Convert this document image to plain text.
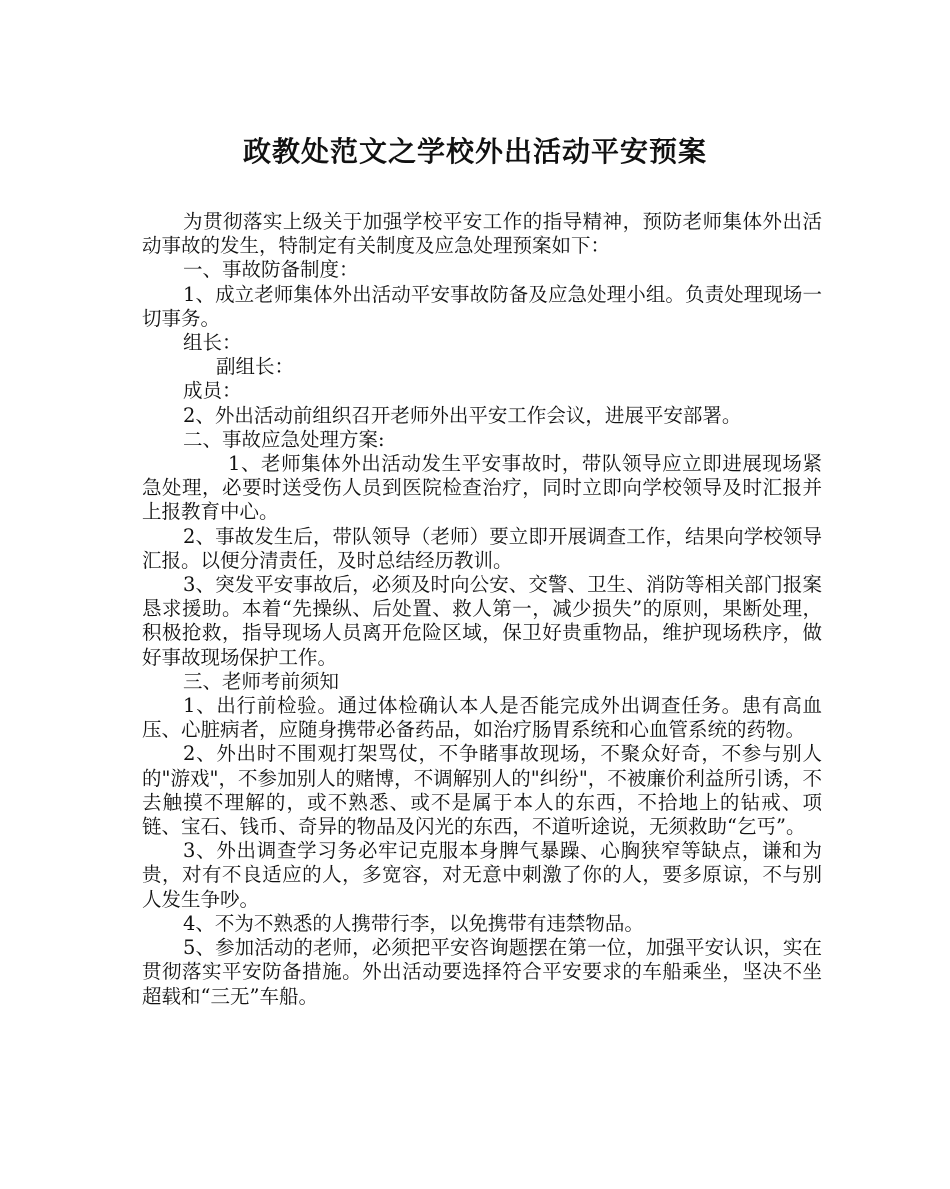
政教处范文之学校外出活动平安预案

为贯彻落实上级关于加强学校平安工作的指导精神，预防老师集体外出活动事故的发生，特制定有关制度及应急处理预案如下：

一、事故防备制度：

1、成立老师集体外出活动平安事故防备及应急处理小组。负责处理现场一切事务。

组长：

副组长：

成员：

2、外出活动前组织召开老师外出平安工作会议，进展平安部署。

二、事故应急处理方案:

1、老师集体外出活动发生平安事故时，带队领导应立即进展现场紧急处理，必要时送受伤人员到医院检查治疗，同时立即向学校领导及时汇报并上报教育中心。

2、事故发生后，带队领导（老师）要立即开展调查工作，结果向学校领导汇报。以便分清责任，及时总结经历教训。

3、突发平安事故后，必须及时向公安、交警、卫生、消防等相关部门报案恳求援助。本着“先操纵、后处置、救人第一，减少损失”的原则，果断处理，积极抢救，指导现场人员离开危险区域，保卫好贵重物品，维护现场秩序，做好事故现场保护工作。

三、老师考前须知

1、出行前检验。通过体检确认本人是否能完成外出调查任务。患有高血压、心脏病者，应随身携带必备药品，如治疗肠胃系统和心血管系统的药物。

2、外出时不围观打架骂仗，不争睹事故现场，不聚众好奇，不参与别人的"游戏"，不参加别人的赌博，不调解别人的"纠纷"，不被廉价利益所引诱，不去触摸不理解的，或不熟悉、或不是属于本人的东西，不拾地上的钻戒、项链、宝石、钱币、奇异的物品及闪光的东西，不道听途说，无须救助“乞丐”。

3、外出调查学习务必牢记克服本身脾气暴躁、心胸狭窄等缺点，谦和为贵，对有不良适应的人，多宽容，对无意中刺激了你的人，要多原谅，不与别人发生争吵。

4、不为不熟悉的人携带行李，以免携带有违禁物品。

5、参加活动的老师，必须把平安咨询题摆在第一位，加强平安认识，实在贯彻落实平安防备措施。外出活动要选择符合平安要求的车船乘坐，坚决不坐超载和“三无”车船。
